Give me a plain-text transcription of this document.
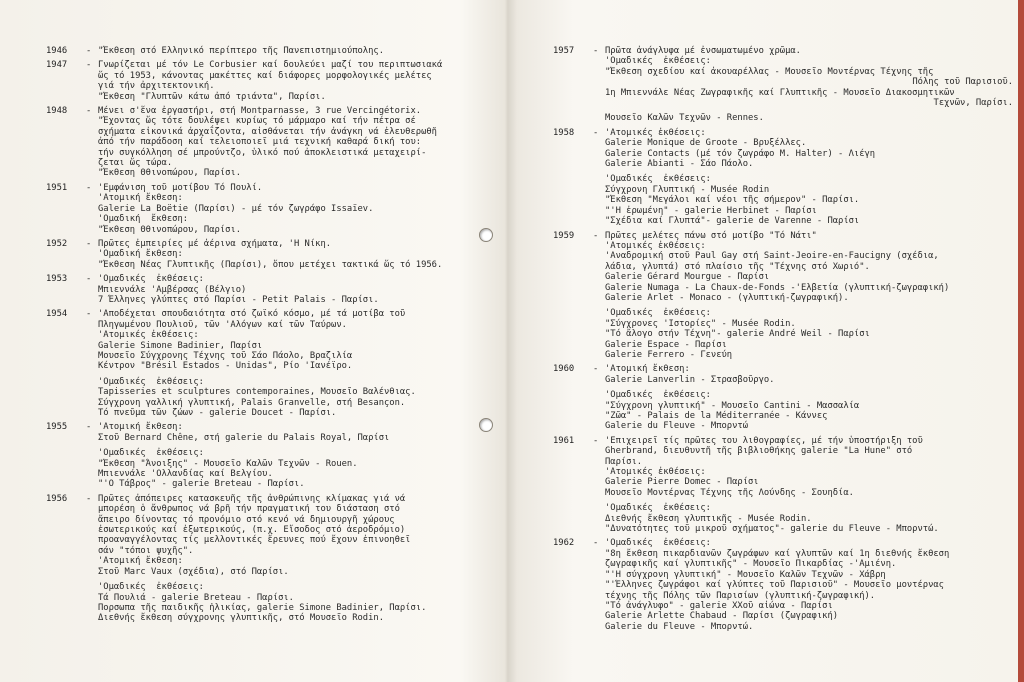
1946	- "Έκθεση στό Ελληνικό περίπτερο τῆς Πανεπιστημιούπολης.
1947	- Γνωρίζεται μέ τόν Le Corbusier καί δουλεύει μαζί του περιπτωσιακά
ὥς τό 1953, κάνοντας μακέττες καί διάφορες μορφολογικές μελέτες
γιά τήν ἀρχιτεκτονική.
"Έκθεση "Γλυπτῶν κάτω ἀπό τριάντα", Παρίσι.
1948	- Μένει σ'ἕνα ἐργαστήρι, στή Montparnasse, 3 rue Vercingétorix.
"Έχοντας ὥς τότε δουλέψει κυρίως τό μάρμαρο καί τήν πέτρα σέ
σχήματα εἰκονικά ἀρχαΐζοντα, αἰσθάνεται τήν ἀνάγκη νά ἐλευθερωθῆ
ἀπό τήν παράδοση καί τελειοποιεῖ μιά τεχνική καθαρά δική του:
τήν συγκόλληση σέ μπρούντζο, ὑλικό πού ἀποκλειστικά μεταχειρί-
ζεται ὥς τώρα.
"Έκθεση Θθινοπώρου, Παρίσι.
1951	- 'Εμφάνιση τοῦ μοτίβου Τό Πουλί.
'Ατομική ἔκθεση:
Galerie La Boëtie (Παρίσι) - μέ τόν ζωγράφο Issaïev.
'Ομαδική  ἔκθεση:
"Έκθεση Θθινοπώρου, Παρίσι.
1952	- Πρῶτες ἐμπειρίες μέ ἀέρινα σχήματα, 'Η Νίκη.
'Ομαδική ἔκθεση:
"Έκθεση Νέας Γλυπτικῆς (Παρίσι), ὅπου μετέχει τακτικά ὥς τό 1956.
1953	- 'Ομαδικές  ἐκθέσεις:
Μπιεννάλε 'Αμβέρσας (Βέλγιο)
7 Έλληνες γλύπτες στό Παρίσι - Petit Palais - Παρίσι.
1954	- 'Αποδέχεται σπουδαιότητα στό ζωϊκό κόσμο, μέ τά μοτίβα τοῦ
Πληγωμένου Πουλιοῦ, τῶν 'Αλόγων καί τῶν Ταύρων.
'Ατομικές ἐκθέσεις:
Galerie Simone Badinier, Παρίσι
Μουσεῖο Σύγχρονης Τέχνης τοῦ Σάο Πάολο, Βραζιλία
Κέντρον "Brésil Estados - Unidas", Ρίο 'Ιανέϊρο.
'Ομαδικές  ἐκθέσεις:
Tapisseries et sculptures contemporaines, Μουσεῖο Βαλένθιας.
Σύγχρονη γαλλική γλυπτική, Palais Granvelle, στή Besançon.
Τό πνεῦμα τῶν ζώων - galerie Doucet - Παρίσι.
1955	- 'Ατομική ἔκθεση:
Στοῦ Bernard Chêne, στή galerie du Palais Royal, Παρίσι
'Ομαδικές  ἐκθέσεις:
"Έκθεση "Άνοιξης" - Μουσεῖο Καλῶν Τεχνῶν - Rouen.
Μπιεννάλε 'Ολλανδίας καί Βελγίου.
"'Ο Τάβρος" - galerie Breteau - Παρίσι.
1956	- Πρῶτες ἀπόπειρες κατασκευῆς τῆς ἀνθρώπινης κλίμακας γιά νά
μπορέση ὁ ἄνθρωπος νά βρῆ τήν πραγματική του διάσταση στό
ἄπειρο δίνοντας τό προνόμιο στό κενό νά δημιουργῆ χώρους
ἐσωτερικούς καί ἐξωτερικούς, (π.χ. Εἴσοδος στό ἀεροδρόμιο)
προαναγγέλοντας τίς μελλοντικές ἔρευνες πού ἔχουν ἐπινοηθεῖ
σάν "τόποι ψυχῆς".
'Ατομική ἔκθεση:
Στοῦ Marc Vaux (σχέδια), στό Παρίσι.
'Ομαδικές  ἐκθέσεις:
Τά Πουλιά - galerie Breteau - Παρίσι.
Πορσωπα τῆς παιδικῆς ἡλικίας, galerie Simone Badinier, Παρίσι.
Διεθνής ἔκθεση σύγχρονης γλυπτικῆς, στό Μουσεῖο Rodin.
1957	- Πρῶτα ἀνάγλυφα μέ ἐνσωματωμένο χρῶμα.
'Ομαδικές  ἐκθέσεις:
"Έκθεση σχεδίου καί ἀκουαρέλλας - Μουσεῖο Μοντέρνας Τέχνης τῆς
Πόλης τοῦ Παρισιοῦ.
1η Μπιεννάλε Νέας Ζωγραφικῆς καί Γλυπτικῆς - Μουσεῖο Διακοσμητικῶν
Τεχνῶν, Παρίσι.
Μουσεῖο Καλῶν Τεχνῶν - Rennes.
1958	- 'Ατομικές ἐκθέσεις:
Galerie Monique de Groote - Βρυξέλλες.
Galerie Contacts (μέ τόν ζωγράφο M. Halter) - Λιέγη
Galerie Abianti - Σάο Πάολο.
'Ομαδικές  ἐκθέσεις:
Σύγχρονη Γλυπτική - Musée Rodin
"Έκθεση "Μεγάλοι καί νέοι τῆς σήμερον" - Παρίσι.
"'Η ἐρωμένη" - galerie Herbinet - Παρίσι
"Σχέδια καί Γλυπτά"- galerie de Varenne - Παρίσι
1959	- Πρῶτες μελέτες πάνω στό μοτίβο "Τό Νάτι"
'Ατομικές ἐκθέσεις:
'Αναδρομική στοῦ Paul Gay στή Saint-Jeoire-en-Faucigny (σχέδια,
λάδια, γλυπτά) στό πλαίσιο τῆς "Τέχνης στό Χωριό".
Galerie Gérard Mourgue - Παρίσι
Galerie Numaga - La Chaux-de-Fonds -'Ελβετία (γλυπτική-ζωγραφική)
Galerie Arlet - Monaco - (γλυπτική-ζωγραφική).
'Ομαδικές  ἐκθέσεις:
"Σύγχρονες 'Ιστορίες" - Musée Rodin.
"Τό ἄλογο στήν Τέχνη"- galerie André Weil - Παρίσι
Galerie Espace - Παρίσι
Galerie Ferrero - Γενεύη
1960	- 'Ατομική ἔκθεση:
Galerie Lanverlin - Στρασβοῦργο.
'Ομαδικές  ἐκθέσεις:
"Σύγχρονη γλυπτική" - Μουσεῖο Cantini - Μασσαλία
"Ζῶα" - Palais de la Méditerranée - Κάννες
Galerie du Fleuve - Μπορντώ
1961	- 'Επιχειρεῖ τίς πρῶτες του λιθογραφίες, μέ τήν ὑποστήριξη τοῦ
Gherbrand, διευθυντῆ τῆς βιβλιοθήκης galerie "La Hune" στό
Παρίσι.
'Ατομικές ἐκθέσεις:
Galerie Pierre Domec - Παρίσι
Μουσεῖο Μοντέρνας Τέχνης τῆς Λούνδης - Σουηδία.
'Ομαδικές  ἐκθέσεις:
Διεθνής ἔκθεση γλυπτικῆς - Musée Rodin.
"Δυνατότητες τοῦ μικροῦ σχήματος"- galerie du Fleuve - Μπορντώ.
1962	- 'Ομαδικές  ἐκθέσεις:
"8η ἔκθεση πικαρδιανῶν ζωγράφων καί γλυπτῶν καί 1η διεθνής ἔκθεση
ζωγραφικῆς καί γλυπτικῆς" - Μουσεῖο Πικαρδίας -'Αμιένη.
"'Η σύγχρονη γλυπτική" - Μουσεῖο Καλῶν Τεχνῶν - Χάβρη
"'Έλληνες ζωγράφοι καί γλύπτες τοῦ Παρισιοῦ" - Μουσεῖο μοντέρνας
τέχνης τῆς Πόλης τῶν Παρισίων (γλυπτική-ζωγραφική).
"Τό ἀνάγλυφο" - galerie XXοῦ αἰώνα - Παρίσι
Galerie Arlette Chabaud - Παρίσι (ζωγραφική)
Galerie du Fleuve - Μπορντώ.
